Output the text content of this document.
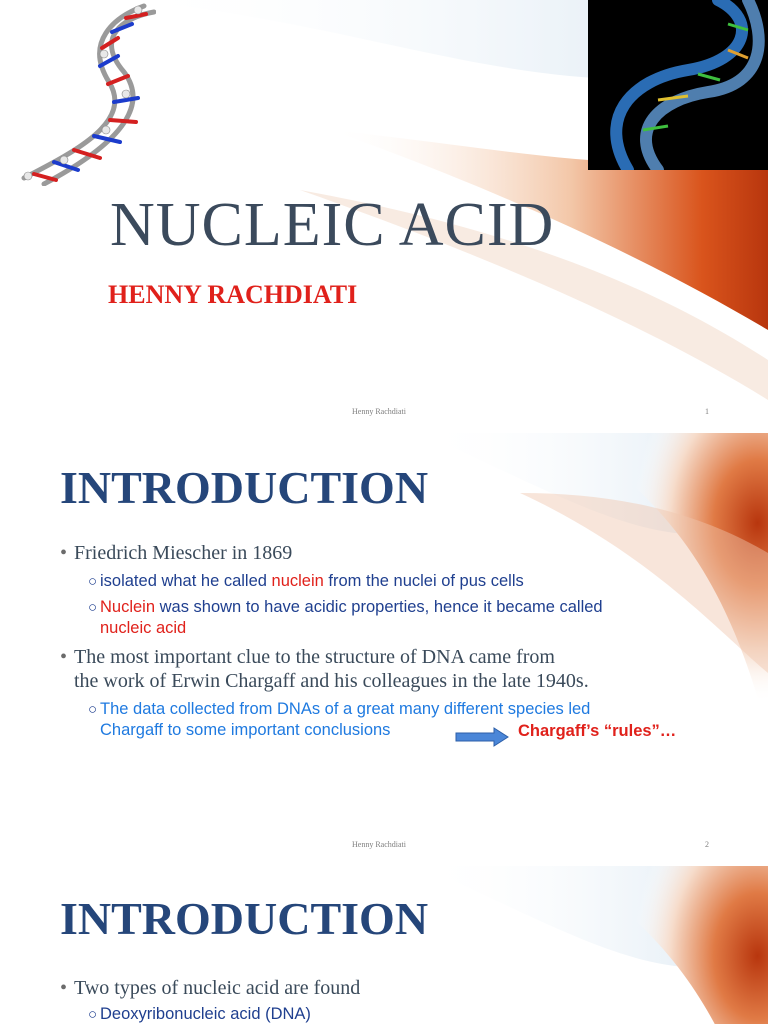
NUCLEIC ACID
HENNY RACHDIATI
Henny Rachdiati	1
INTRODUCTION
• Friedrich Miescher in 1869
○ isolated what he called nuclein from the nuclei of pus cells
○ Nuclein was shown to have acidic properties, hence it became called
nucleic acid
• The most important clue to the structure of DNA came from
the work of Erwin Chargaff and his colleagues in the late 1940s.
○ The data collected from DNAs of a great many different species led
Chargaff to some important conclusions	Chargaff’s “rules”…
Henny Rachdiati	2
INTRODUCTION
• Two types of nucleic acid are found
○ Deoxyribonucleic acid (DNA)
